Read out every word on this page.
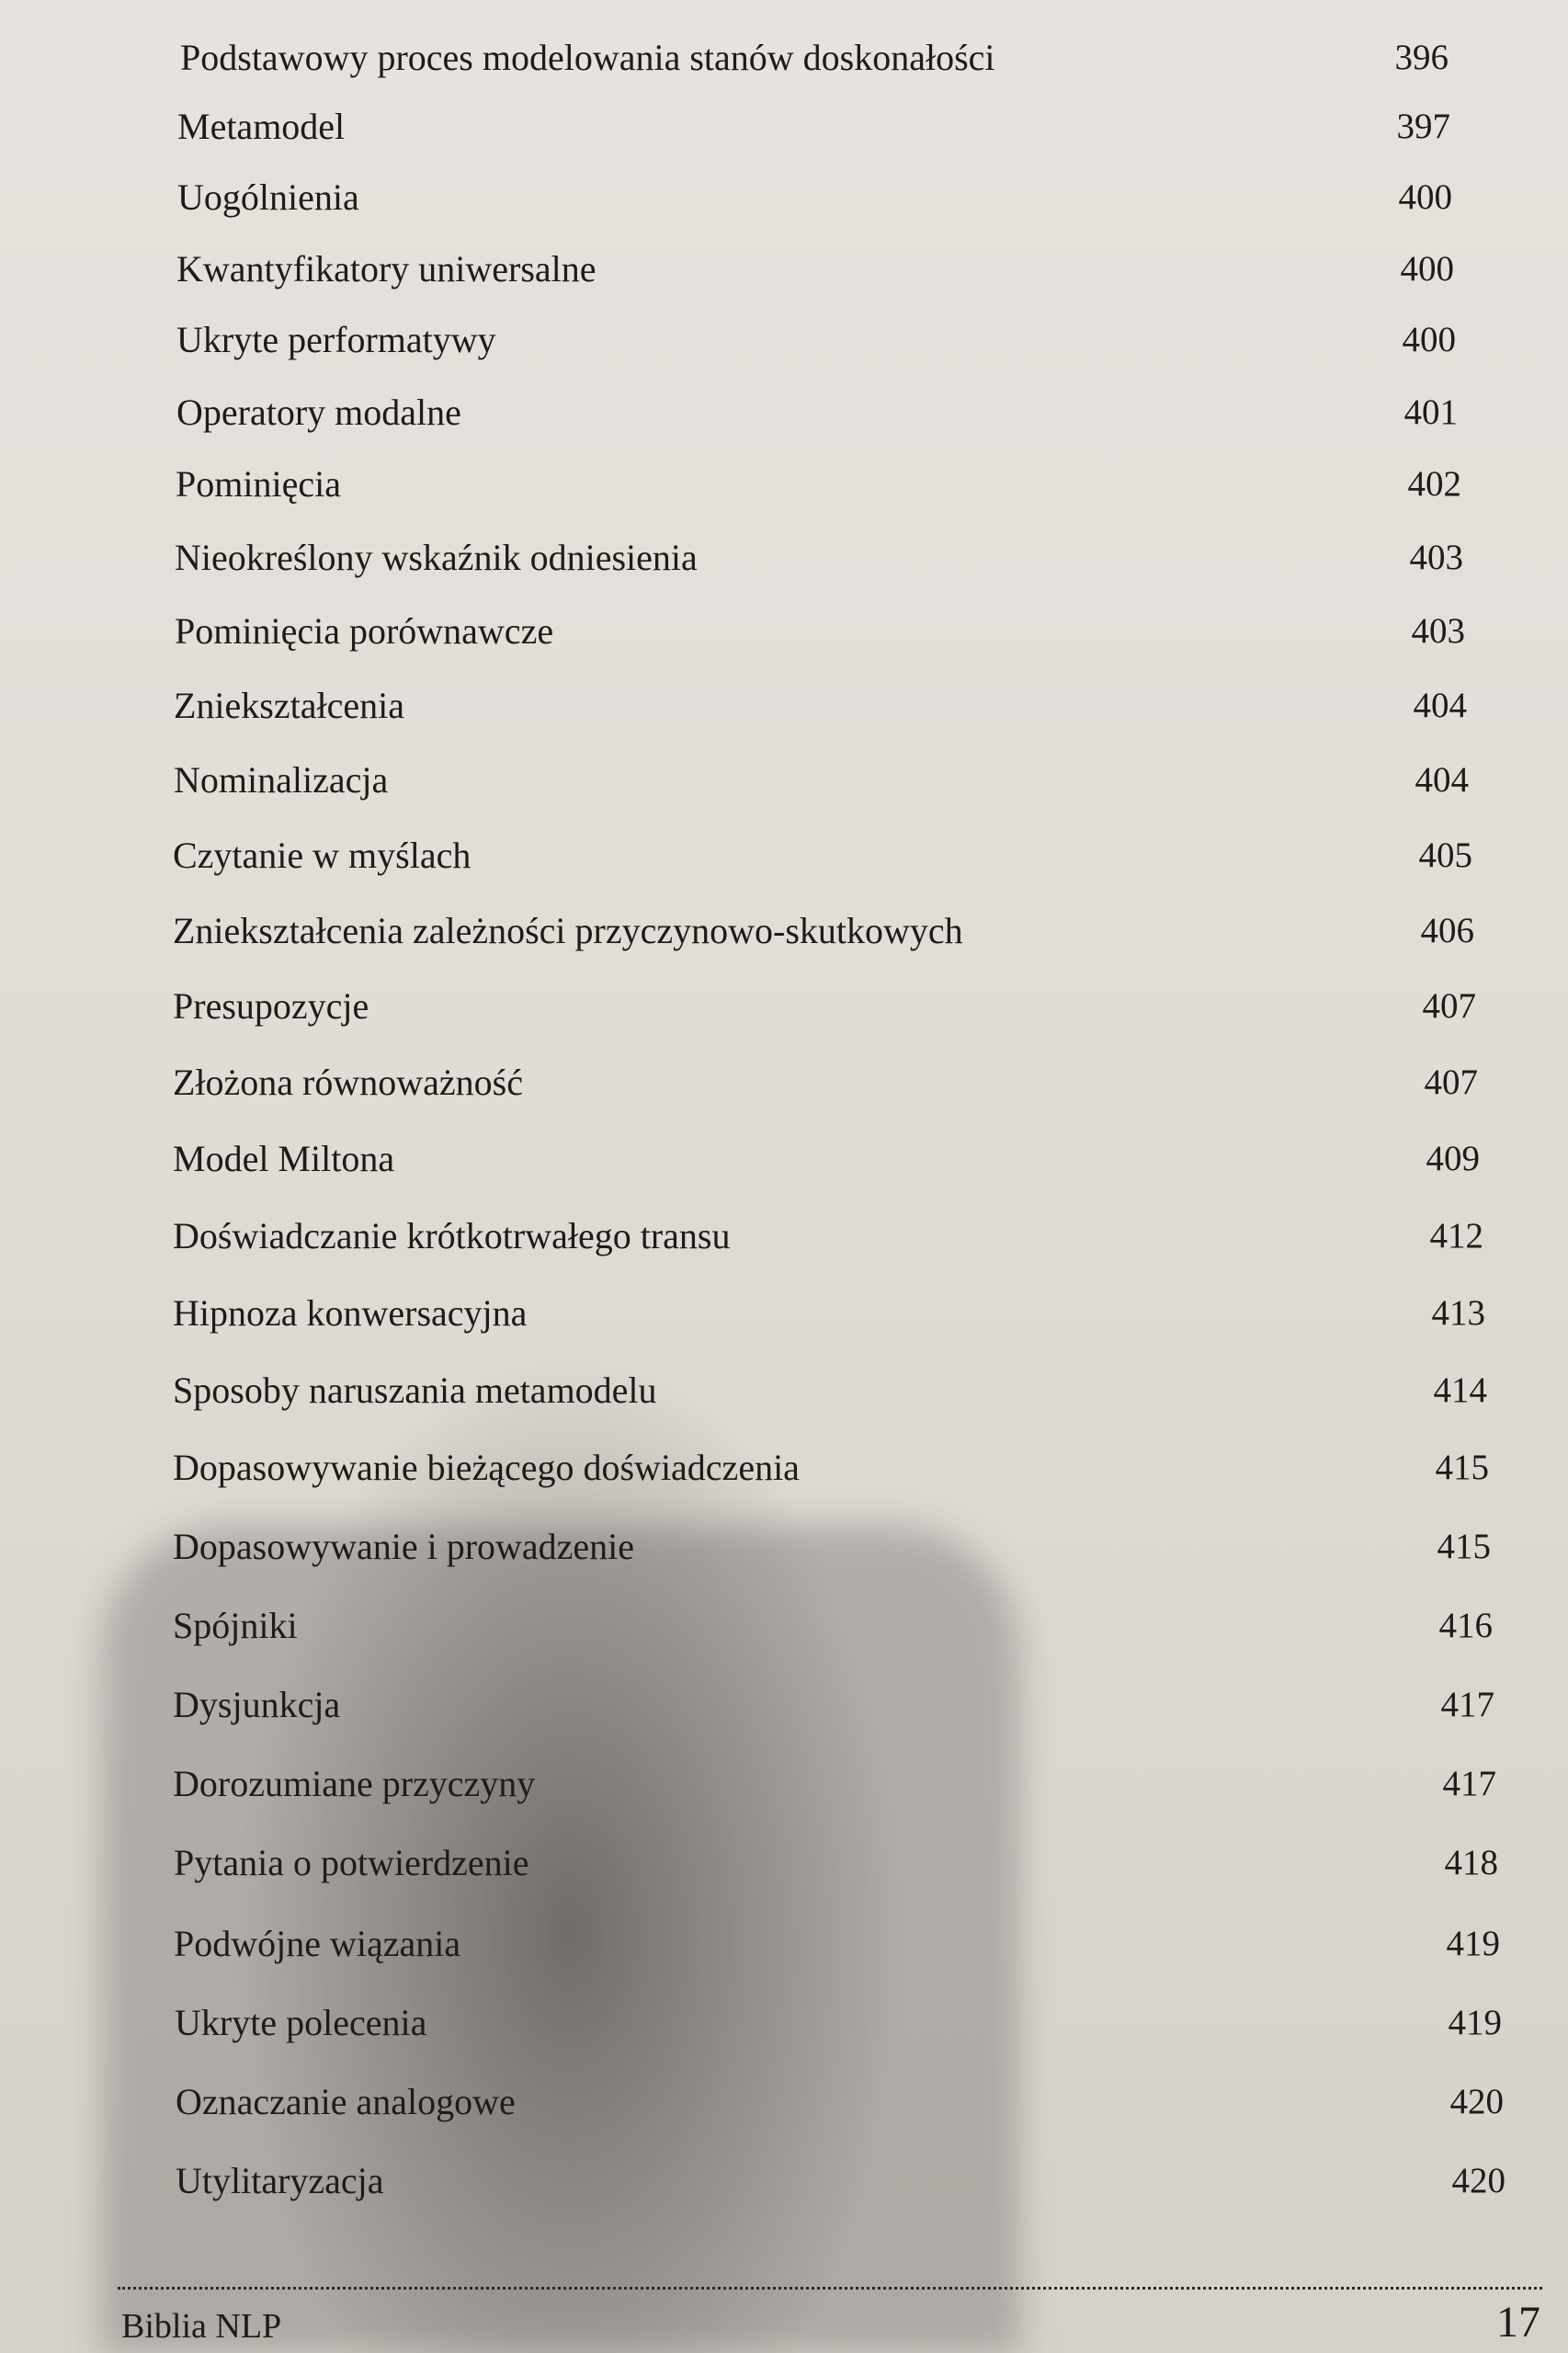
Podstawowy proces modelowania stanów doskonałości	396
Metamodel	397
Uogólnienia	400
Kwantyfikatory uniwersalne	400
Ukryte performatywy	400
Operatory modalne	401
Pominięcia	402
Nieokreślony wskaźnik odniesienia	403
Pominięcia porównawcze	403
Zniekształcenia	404
Nominalizacja	404
Czytanie w myślach	405
Zniekształcenia zależności przyczynowo-skutkowych	406
Presupozycje	407
Złożona równoważność	407
Model Miltona	409
Doświadczanie krótkotrwałego transu	412
Hipnoza konwersacyjna	413
Sposoby naruszania metamodelu	414
Dopasowywanie bieżącego doświadczenia	415
Dopasowywanie i prowadzenie	415
Spójniki	416
Dysjunkcja	417
Dorozumiane przyczyny	417
Pytania o potwierdzenie	418
Podwójne wiązania	419
Ukryte polecenia	419
Oznaczanie analogowe	420
Utylitaryzacja	420
Biblia NLP	17
